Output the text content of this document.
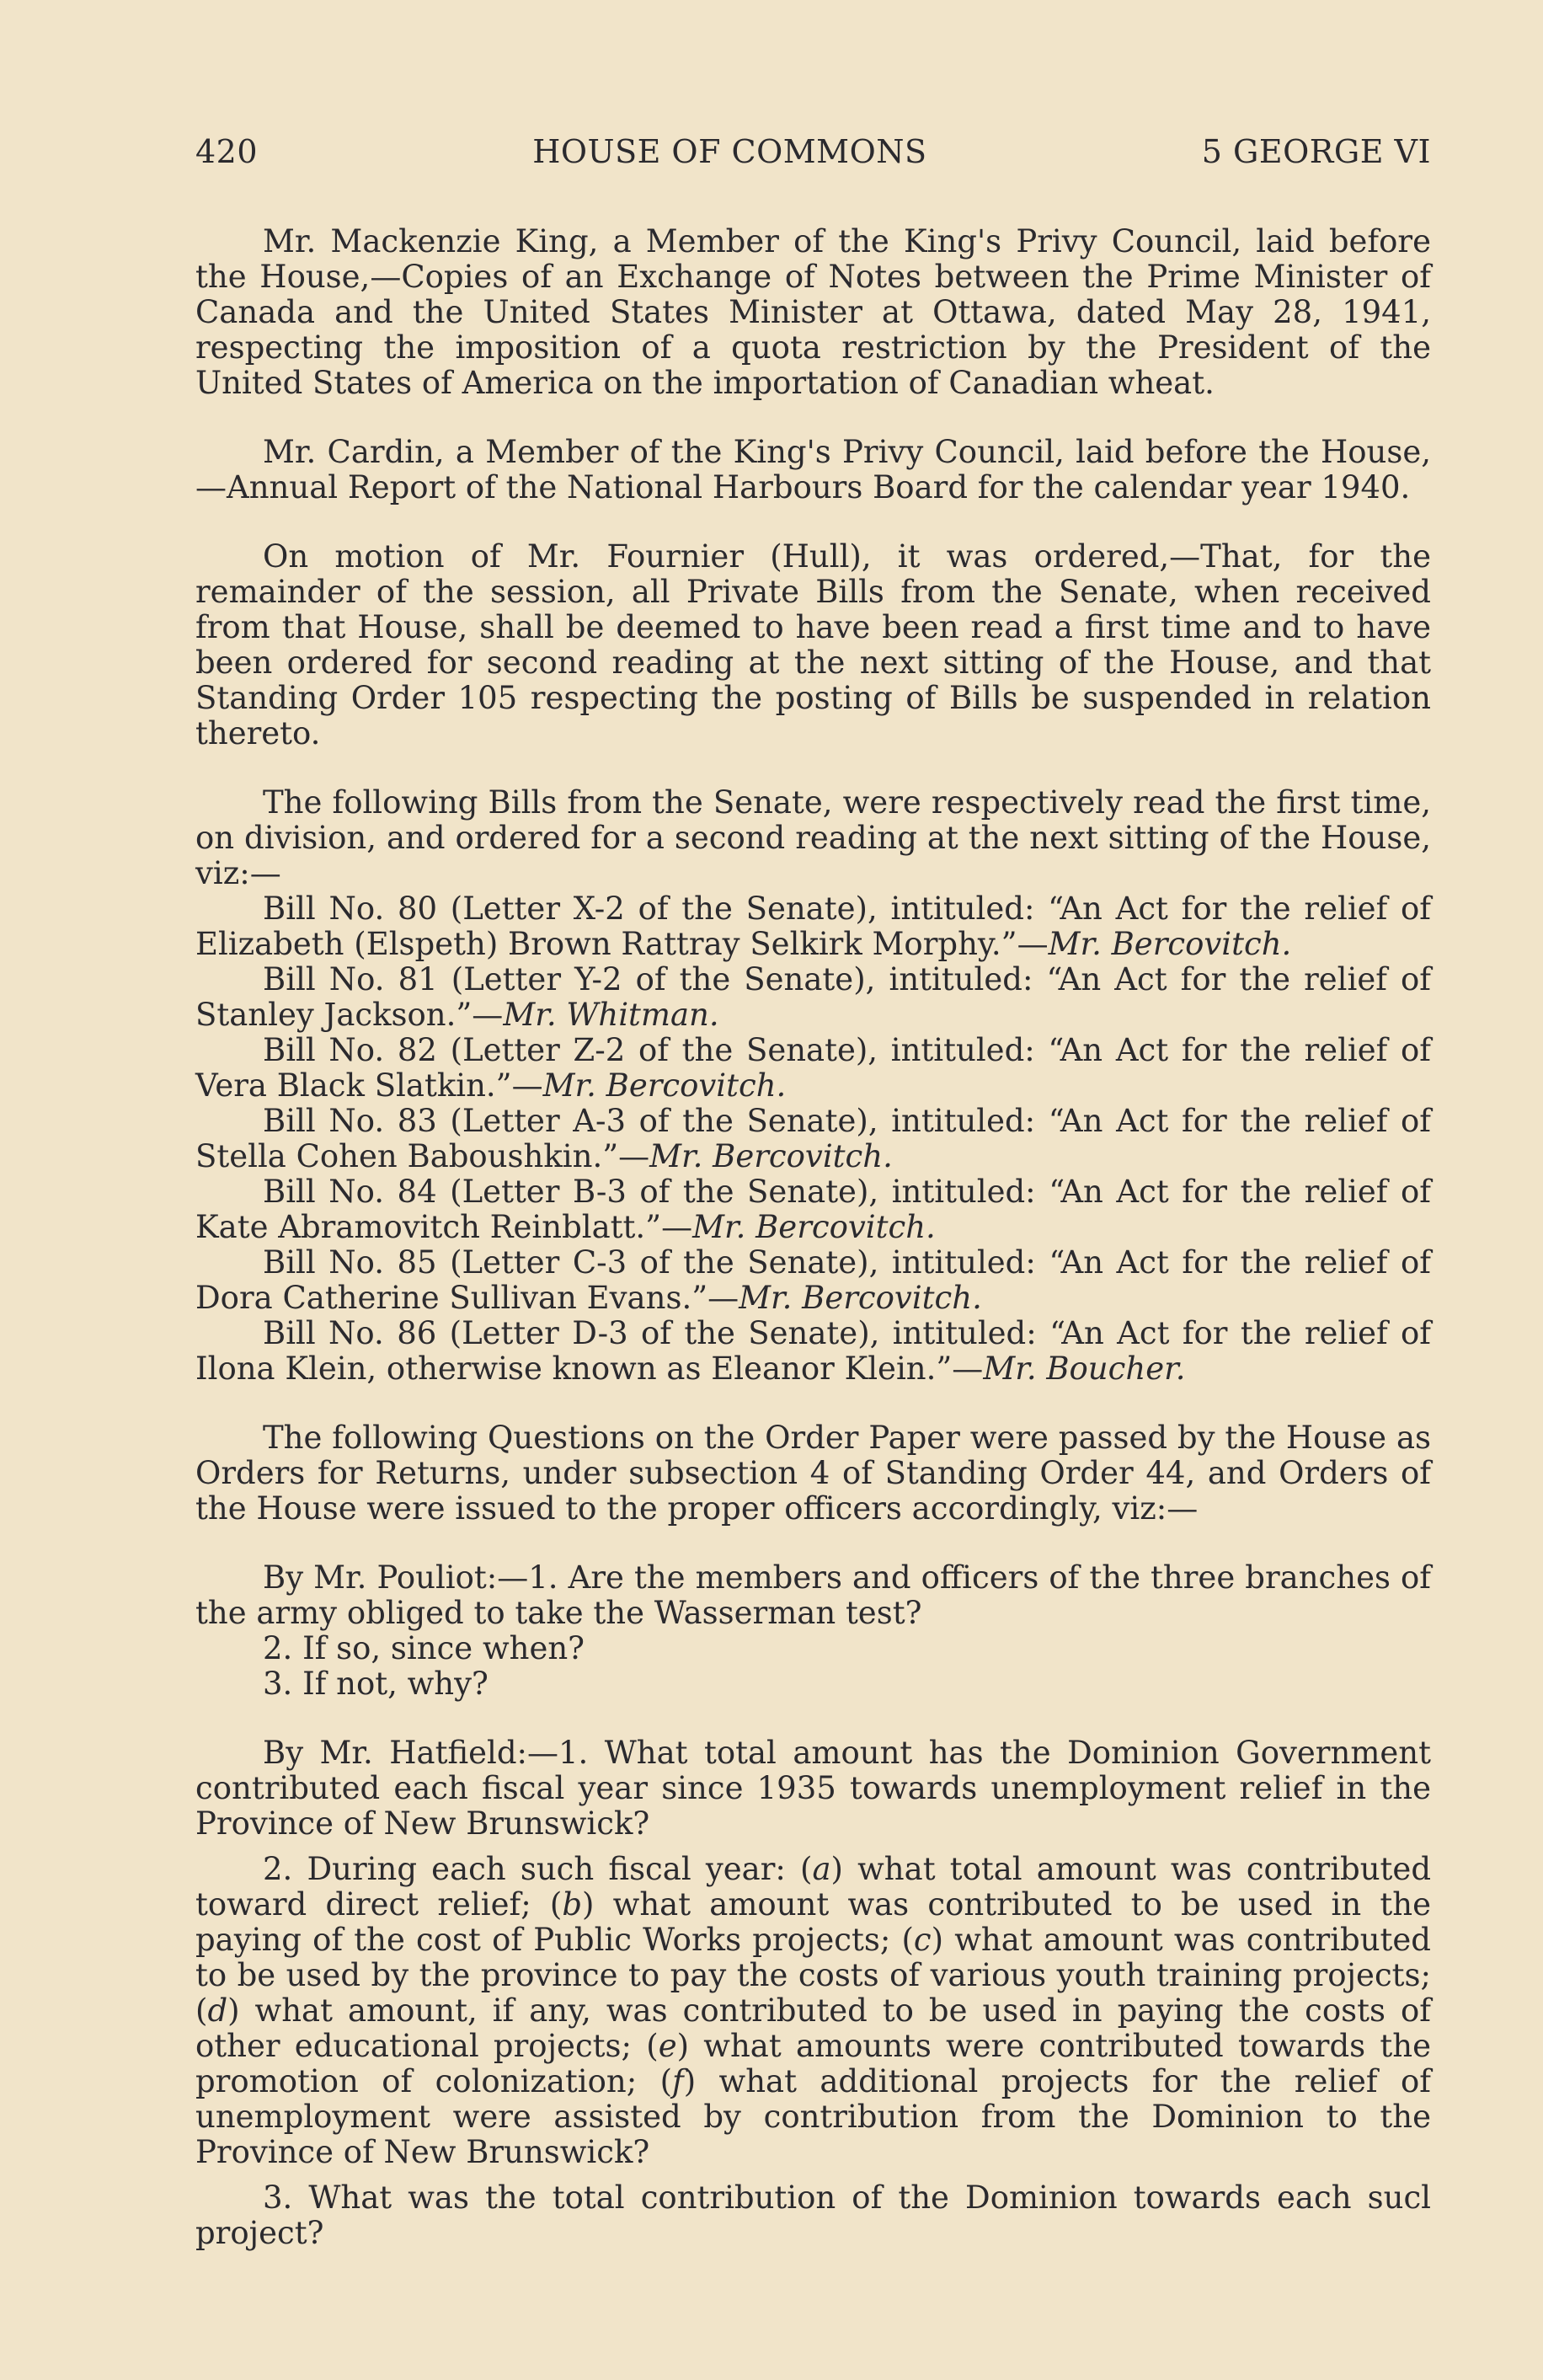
420	HOUSE OF COMMONS	5 GEORGE VI

Mr. Mackenzie King, a Member of the King's Privy Council, laid before the House,—Copies of an Exchange of Notes between the Prime Minister of Canada and the United States Minister at Ottawa, dated May 28, 1941, respecting the imposition of a quota restriction by the President of the United States of America on the importation of Canadian wheat.

Mr. Cardin, a Member of the King's Privy Council, laid before the House,—Annual Report of the National Harbours Board for the calendar year 1940.

On motion of Mr. Fournier (Hull), it was ordered,—That, for the remainder of the session, all Private Bills from the Senate, when received from that House, shall be deemed to have been read a first time and to have been ordered for second reading at the next sitting of the House, and that Standing Order 105 respecting the posting of Bills be suspended in relation thereto.

The following Bills from the Senate, were respectively read the first time, on division, and ordered for a second reading at the next sitting of the House, viz:—

Bill No. 80 (Letter X-2 of the Senate), intituled: “An Act for the relief of Elizabeth (Elspeth) Brown Rattray Selkirk Morphy.”—Mr. Bercovitch.

Bill No. 81 (Letter Y-2 of the Senate), intituled: “An Act for the relief of Stanley Jackson.”—Mr. Whitman.

Bill No. 82 (Letter Z-2 of the Senate), intituled: “An Act for the relief of Vera Black Slatkin.”—Mr. Bercovitch.

Bill No. 83 (Letter A-3 of the Senate), intituled: “An Act for the relief of Stella Cohen Baboushkin.”—Mr. Bercovitch.

Bill No. 84 (Letter B-3 of the Senate), intituled: “An Act for the relief of Kate Abramovitch Reinblatt.”—Mr. Bercovitch.

Bill No. 85 (Letter C-3 of the Senate), intituled: “An Act for the relief of Dora Catherine Sullivan Evans.”—Mr. Bercovitch.

Bill No. 86 (Letter D-3 of the Senate), intituled: “An Act for the relief of Ilona Klein, otherwise known as Eleanor Klein.”—Mr. Boucher.

The following Questions on the Order Paper were passed by the House as Orders for Returns, under subsection 4 of Standing Order 44, and Orders of the House were issued to the proper officers accordingly, viz:—

By Mr. Pouliot:—1. Are the members and officers of the three branches of the army obliged to take the Wasserman test?

2. If so, since when?

3. If not, why?

By Mr. Hatfield:—1. What total amount has the Dominion Government contributed each fiscal year since 1935 towards unemployment relief in the Province of New Brunswick?

2. During each such fiscal year: (a) what total amount was contributed toward direct relief; (b) what amount was contributed to be used in the paying of the cost of Public Works projects; (c) what amount was contributed to be used by the province to pay the costs of various youth training projects; (d) what amount, if any, was contributed to be used in paying the costs of other educational projects; (e) what amounts were contributed towards the promotion of colonization; (f) what additional projects for the relief of unemployment were assisted by contribution from the Dominion to the Province of New Brunswick?

3. What was the total contribution of the Dominion towards each sucl project?
